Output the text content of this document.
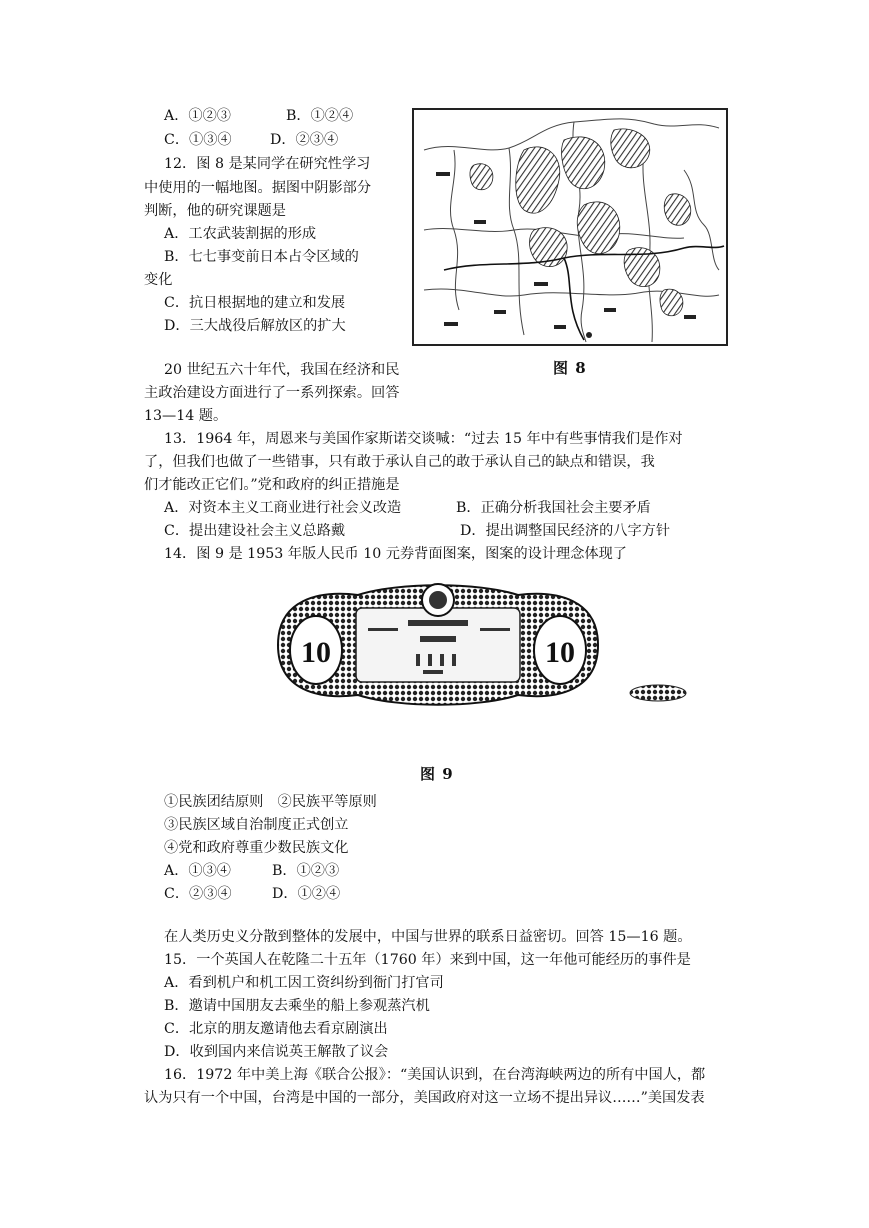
A．①②③	B．①②④
C．①③④	D．②③④
12．图 8 是某同学在研究性学习
中使用的一幅地图。据图中阴影部分
判断，他的研究课题是
A．工农武装割据的形成
B．七七事变前日本占令区域的
变化
C．抗日根据地的建立和发展
D．三大战役后解放区的扩大
图 8
20 世纪五六十年代，我国在经济和民
主政治建设方面进行了一系列探索。回答
13—14 题。
13．1964 年，周恩来与美国作家斯诺交谈喊：“过去 15 年中有些事情我们是作对
了，但我们也做了一些错事，只有敢于承认自己的敢于承认自己的缺点和错误，我
们才能改正它们。”党和政府的纠正措施是
A．对资本主义工商业进行社会义改造	B．正确分析我国社会主要矛盾
C．提出建设社会主义总路戴	D．提出调整国民经济的八字方针
14．图 9 是 1953 年版人民币 10 元券背面图案，图案的设计理念体现了
10	10
图 9
①民族团结原则　②民族平等原则
③民族区域自治制度正式创立
④党和政府尊重少数民族文化
A．①③④	B．①②③
C．②③④	D．①②④
在人类历史义分散到整体的发展中，中国与世界的联系日益密切。回答 15—16 题。
15．一个英国人在乾隆二十五年（1760 年）来到中国，这一年他可能经历的事件是
A．看到机户和机工因工资纠纷到衙门打官司
B．邀请中国朋友去乘坐的船上参观蒸汽机
C．北京的朋友邀请他去看京剧演出
D．收到国内来信说英王解散了议会
16．1972 年中美上海《联合公报》：“美国认识到，在台湾海峡两边的所有中国人，都
认为只有一个中国，台湾是中国的一部分，美国政府对这一立场不提出异议……”美国发表
